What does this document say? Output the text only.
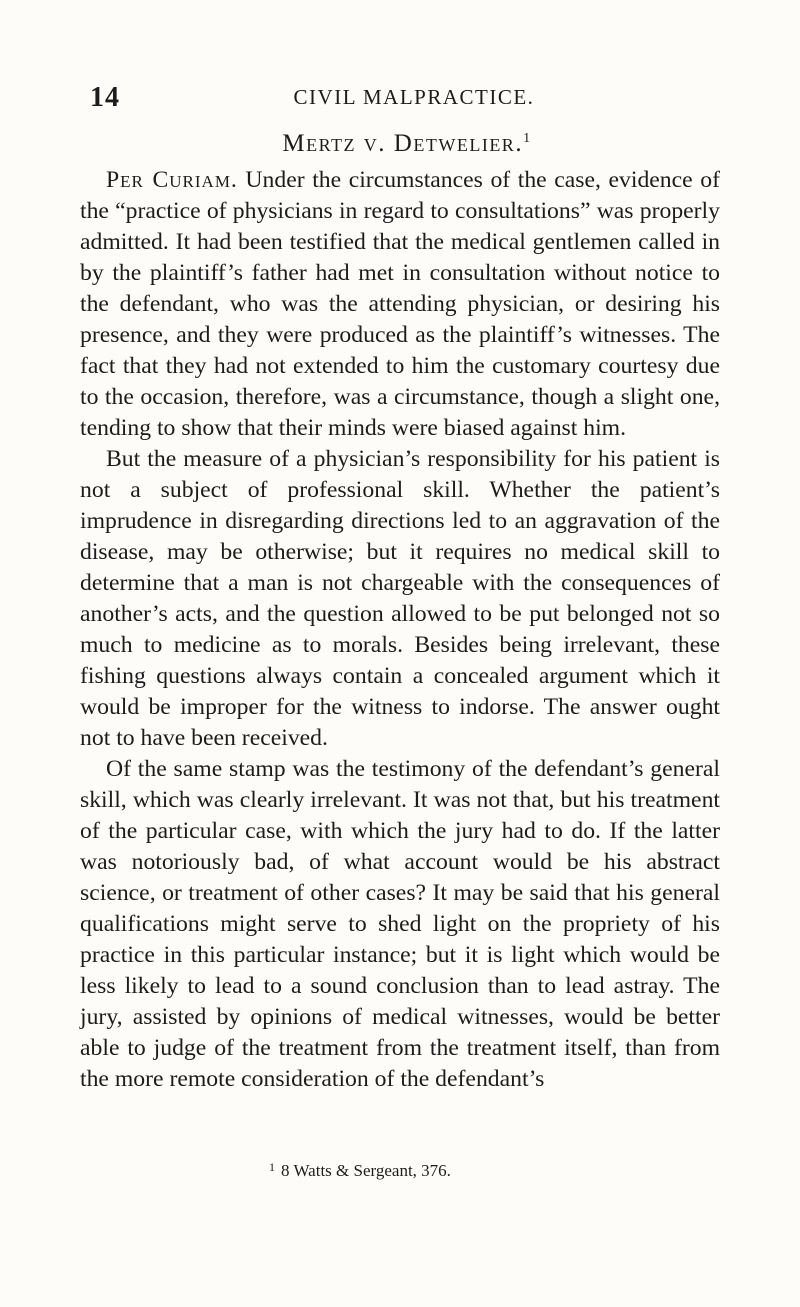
14	CIVIL MALPRACTICE.
Mertz v. Detwelier.$^1$

Per Curiam. Under the circumstances of the case, evidence of the “practice of physicians in regard to consultations” was properly admitted. It had been testified that the medical gentlemen called in by the plaintiff’s father had met in consultation without notice to the defendant, who was the attending physician, or desiring his presence, and they were produced as the plaintiff’s witnesses. The fact that they had not extended to him the customary courtesy due to the occasion, therefore, was a circumstance, though a slight one, tending to show that their minds were biased against him.

But the measure of a physician’s responsibility for his patient is not a subject of professional skill. Whether the patient’s imprudence in disregarding directions led to an aggravation of the disease, may be otherwise; but it requires no medical skill to determine that a man is not chargeable with the consequences of another’s acts, and the question allowed to be put belonged not so much to medicine as to morals. Besides being irrelevant, these fishing questions always contain a concealed argument which it would be improper for the witness to indorse. The answer ought not to have been received.

Of the same stamp was the testimony of the defendant’s general skill, which was clearly irrelevant. It was not that, but his treatment of the particular case, with which the jury had to do. If the latter was notoriously bad, of what account would be his abstract science, or treatment of other cases? It may be said that his general qualifications might serve to shed light on the propriety of his practice in this particular instance; but it is light which would be less likely to lead to a sound conclusion than to lead astray. The jury, assisted by opinions of medical witnesses, would be better able to judge of the treatment from the treatment itself, than from the more remote consideration of the defendant’s

$^1$ 8 Watts & Sergeant, 376.
